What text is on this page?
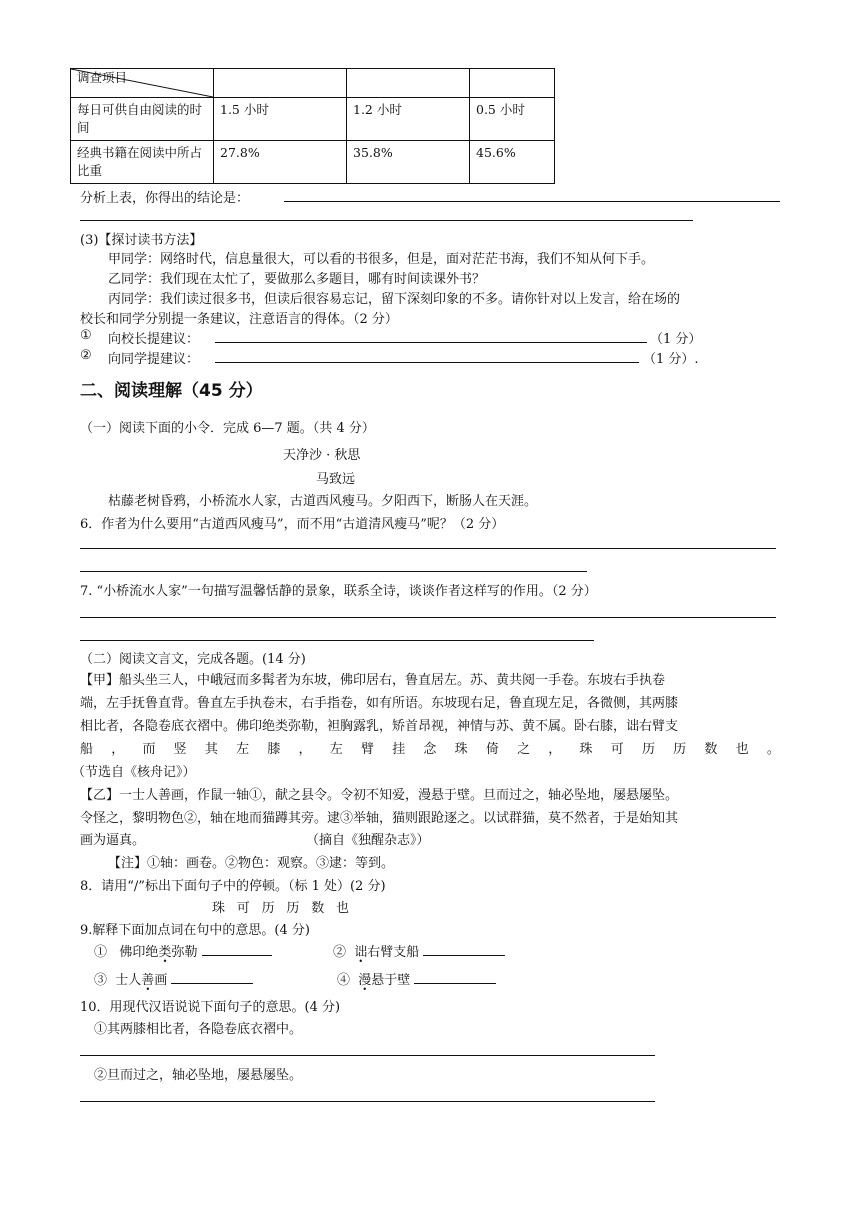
调查项目			

每日可供自由阅读的时间	1.5 小时	1.2 小时	0.5 小时
经典书籍在阅读中所占比重	27.8%	35.8%	45.6%
分析上表，你得出的结论是：
(3)【探讨读书方法】
甲同学：网络时代，信息量很大，可以看的书很多，但是，面对茫茫书海，我们不知从何下手。
乙同学：我们现在太忙了，要做那么多题目，哪有时间读课外书？
丙同学：我们读过很多书，但读后很容易忘记，留下深刻印象的不多。请你针对以上发言，给在场的
校长和同学分别提一条建议，注意语言的得体。（2 分）
① 向校长提建议：	（1 分）
② 向同学提建议：	（1 分）.
二、阅读理解（45 分）
（一）阅读下面的小令．完成 6—7 题。（共 4 分）
天净沙 · 秋思
马致远
枯藤老树昏鸦，小桥流水人家，古道西风瘦马。夕阳西下，断肠人在天涯。
6．作者为什么要用“古道西风瘦马”，而不用“古道清风瘦马”呢？（2 分）
7. “小桥流水人家”一句描写温馨恬静的景象，联系全诗，谈谈作者这样写的作用。（2 分）
（二）阅读文言文，完成各题。(14 分)
【甲】船头坐三人，中峨冠而多髯者为东坡，佛印居右，鲁直居左。苏、黄共阅一手卷。东坡右手执卷
端，左手抚鲁直背。鲁直左手执卷末，右手指卷，如有所语。东坡现右足，鲁直现左足，各微侧，其两膝
相比者，各隐卷底衣褶中。佛印绝类弥勒，袒胸露乳，矫首昂视，神情与苏、黄不属。卧右膝，诎右臂支
船 ， 而 竖 其 左 膝 ， 左 臂 挂 念 珠 倚 之 ， 珠 可 历 历 数 也 。
（节选自《核舟记》）
【乙】一士人善画，作鼠一轴①，献之县令。令初不知爱，漫悬于壁。旦而过之，轴必坠地，屡悬屡坠。
令怪之，黎明物色②，轴在地而猫蹲其旁。逮③举轴，猫则跟跄逐之。以试群猫，莫不然者，于是始知其
画为逼真。	（摘自《独醒杂志》）
【注】①轴：画卷。②物色：观察。③逮：等到。
8．请用“/”标出下面句子中的停顿。（标 1 处）(2 分)
珠 可 历 历 数 也
9.解释下面加点词在句中的意思。(4 分)
① 佛印绝类弥勒	② 诎右臂支船
③ 士人善画	④ 漫悬于壁
10．用现代汉语说说下面句子的意思。(4 分)
①其两膝相比者，各隐卷底衣褶中。
②旦而过之，轴必坠地，屡悬屡坠。
